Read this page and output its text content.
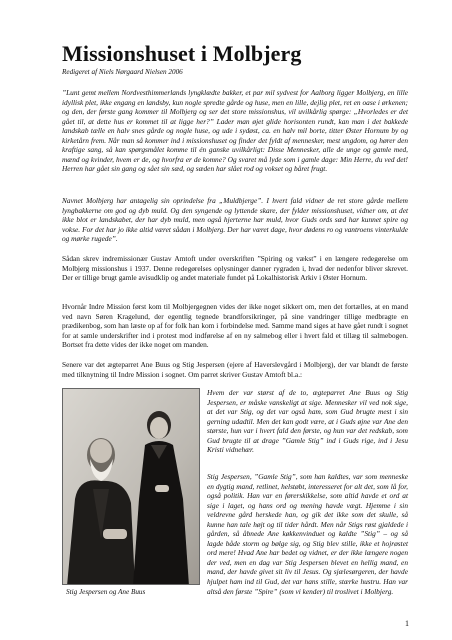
Missionshuset i Molbjerg
Redigeret af Niels Nørgaard Nielsen 2006
”Lunt gemt mellem Nordvesthimmerlands lyngklædte bakker, et par mil sydvest for Aalborg ligger Molbjerg, en lille idyllisk plet, ikke engang en landsby, kun nogle spredte gårde og huse, men en lille, dejlig plet, ret en oase i ørkenen; og den, der første gang kommer til Molbjerg og ser det store missionshus, vil uvilkårlig spørge: „Hvorledes er det gået til, at dette hus er kommet til at ligge her?” Lader man øjet glide horisonten rundt, kan man i det bakkede landskab tælle en halv snes gårde og nogle huse, og ude i sydøst, ca. en halv mil borte, titter Øster Hornum by og kirketårn frem. Når man så kommer ind i missionshuset og finder det fyldt af mennesker, mest ungdom, og hører den kraftige sang, så kan spørgsmålet komme til én ganske uvilkårligt: Disse Mennesker, alle de unge og gamle med, mænd og kvinder, hvem er de, og hvorfra er de komne? Og svaret må lyde som i gamle dage: Min Herre, du ved det! Herren har gået sin gang og sået sin sæd, og sæden har slået rod og vokset og båret frugt.
Navnet Molbjerg har antagelig sin oprindelse fra „Muldbjerge”. I hvert fald vidner de ret store gårde mellem lyngbakkerne om god og dyb muld. Og den syngende og lyttende skare, der fylder missionshuset, vidner om, at det ikke blot er landskabet, der har dyb muld, men også hjerterne har muld, hvor Guds ords sæd har kunnet spire og vokse. For det har jo ikke altid været sådan i Molbjerg. Der har været dage, hvor dødens ro og vantroens vinterkulde og mørke rugede”.
Sådan skrev indremissionær Gustav Amtoft under overskriften ”Spiring og vækst” i en længere redegørelse om Molbjerg missionshus i 1937. Denne redegørelses oplysninger danner rygraden i, hvad der nedenfor bliver skrevet. Der er tillige brugt gamle avisudklip og andet materiale fundet på Lokalhistorisk Arkiv i Øster Hornum.
Hvornår Indre Mission først kom til Molbjergegnen vides der ikke noget sikkert om, men det fortælles, at en mand ved navn Søren Kragelund, der egentlig tegnede brandforsikringer, på sine vandringer tillige medbragte en prædikenbog, som han læste op af for folk han kom i forbindelse med. Samme mand siges at have gået rundt i sognet for at samle underskrifter ind i protest mod indførelse af en ny salmebog eller i hvert fald et tillæg til salmebogen. Bortset fra dette vides der ikke noget om manden.
Senere var det ægteparret Ane Buus og Stig Jespersen (ejere af Haverslevgård i Molbjerg), der var blandt de første med tilknytning til Indre Mission i sognet. Om parret skriver Gustav Amtoft bl.a.:
Stig Jespersen og Ane Buus
Hvem der var størst af de to, ægteparret Ane Buus og Stig Jespersen, er måske vanskeligt at sige. Mennesker vil ved nok sige, at det var Stig, og det var også ham, som Gud brugte mest i sin gerning udadtil. Men det kan godt være, at i Guds øjne var Ane den største, hun var i hvert fald den første, og hun var det redskab, som Gud brugte til at drage ”Gamle Stig” ind i Guds rige, ind i Jesu Kristi vidnehær.
Stig Jespersen, ”Gamle Stig”, som han kaldtes, var som menneske en dygtig mand, retlinet, helstøbt, interesseret for alt det, som lå for, også politik. Han var en førerskikkelse, som altid havde et ord at sige i laget, og hans ord og mening havde vægt. Hjemme i sin veldrevne gård herskede han, og gik det ikke som det skulle, så kunne han tale højt og til tider hårdt. Men når Stigs røst gjaldede i gården, så åbnede Ane køkkenvinduet og kaldte ”Stig” – og så lagde både storm og bølge sig, og Stig blev stille, ikke et hojrøstet ord mere! Hvad Ane har bedet og vidnet, er der ikke længere nogen der ved, men en dag var Stig Jespersen blevet en hellig mand, en mand, der havde givet sit liv til Jesus. Og sjælesørgeren, der havde hjulpet ham ind til Gud, det var hans stille, stærke hustru. Han var altså den første ”Spire” (som vi kender) til troslivet i Molbjerg.
1
